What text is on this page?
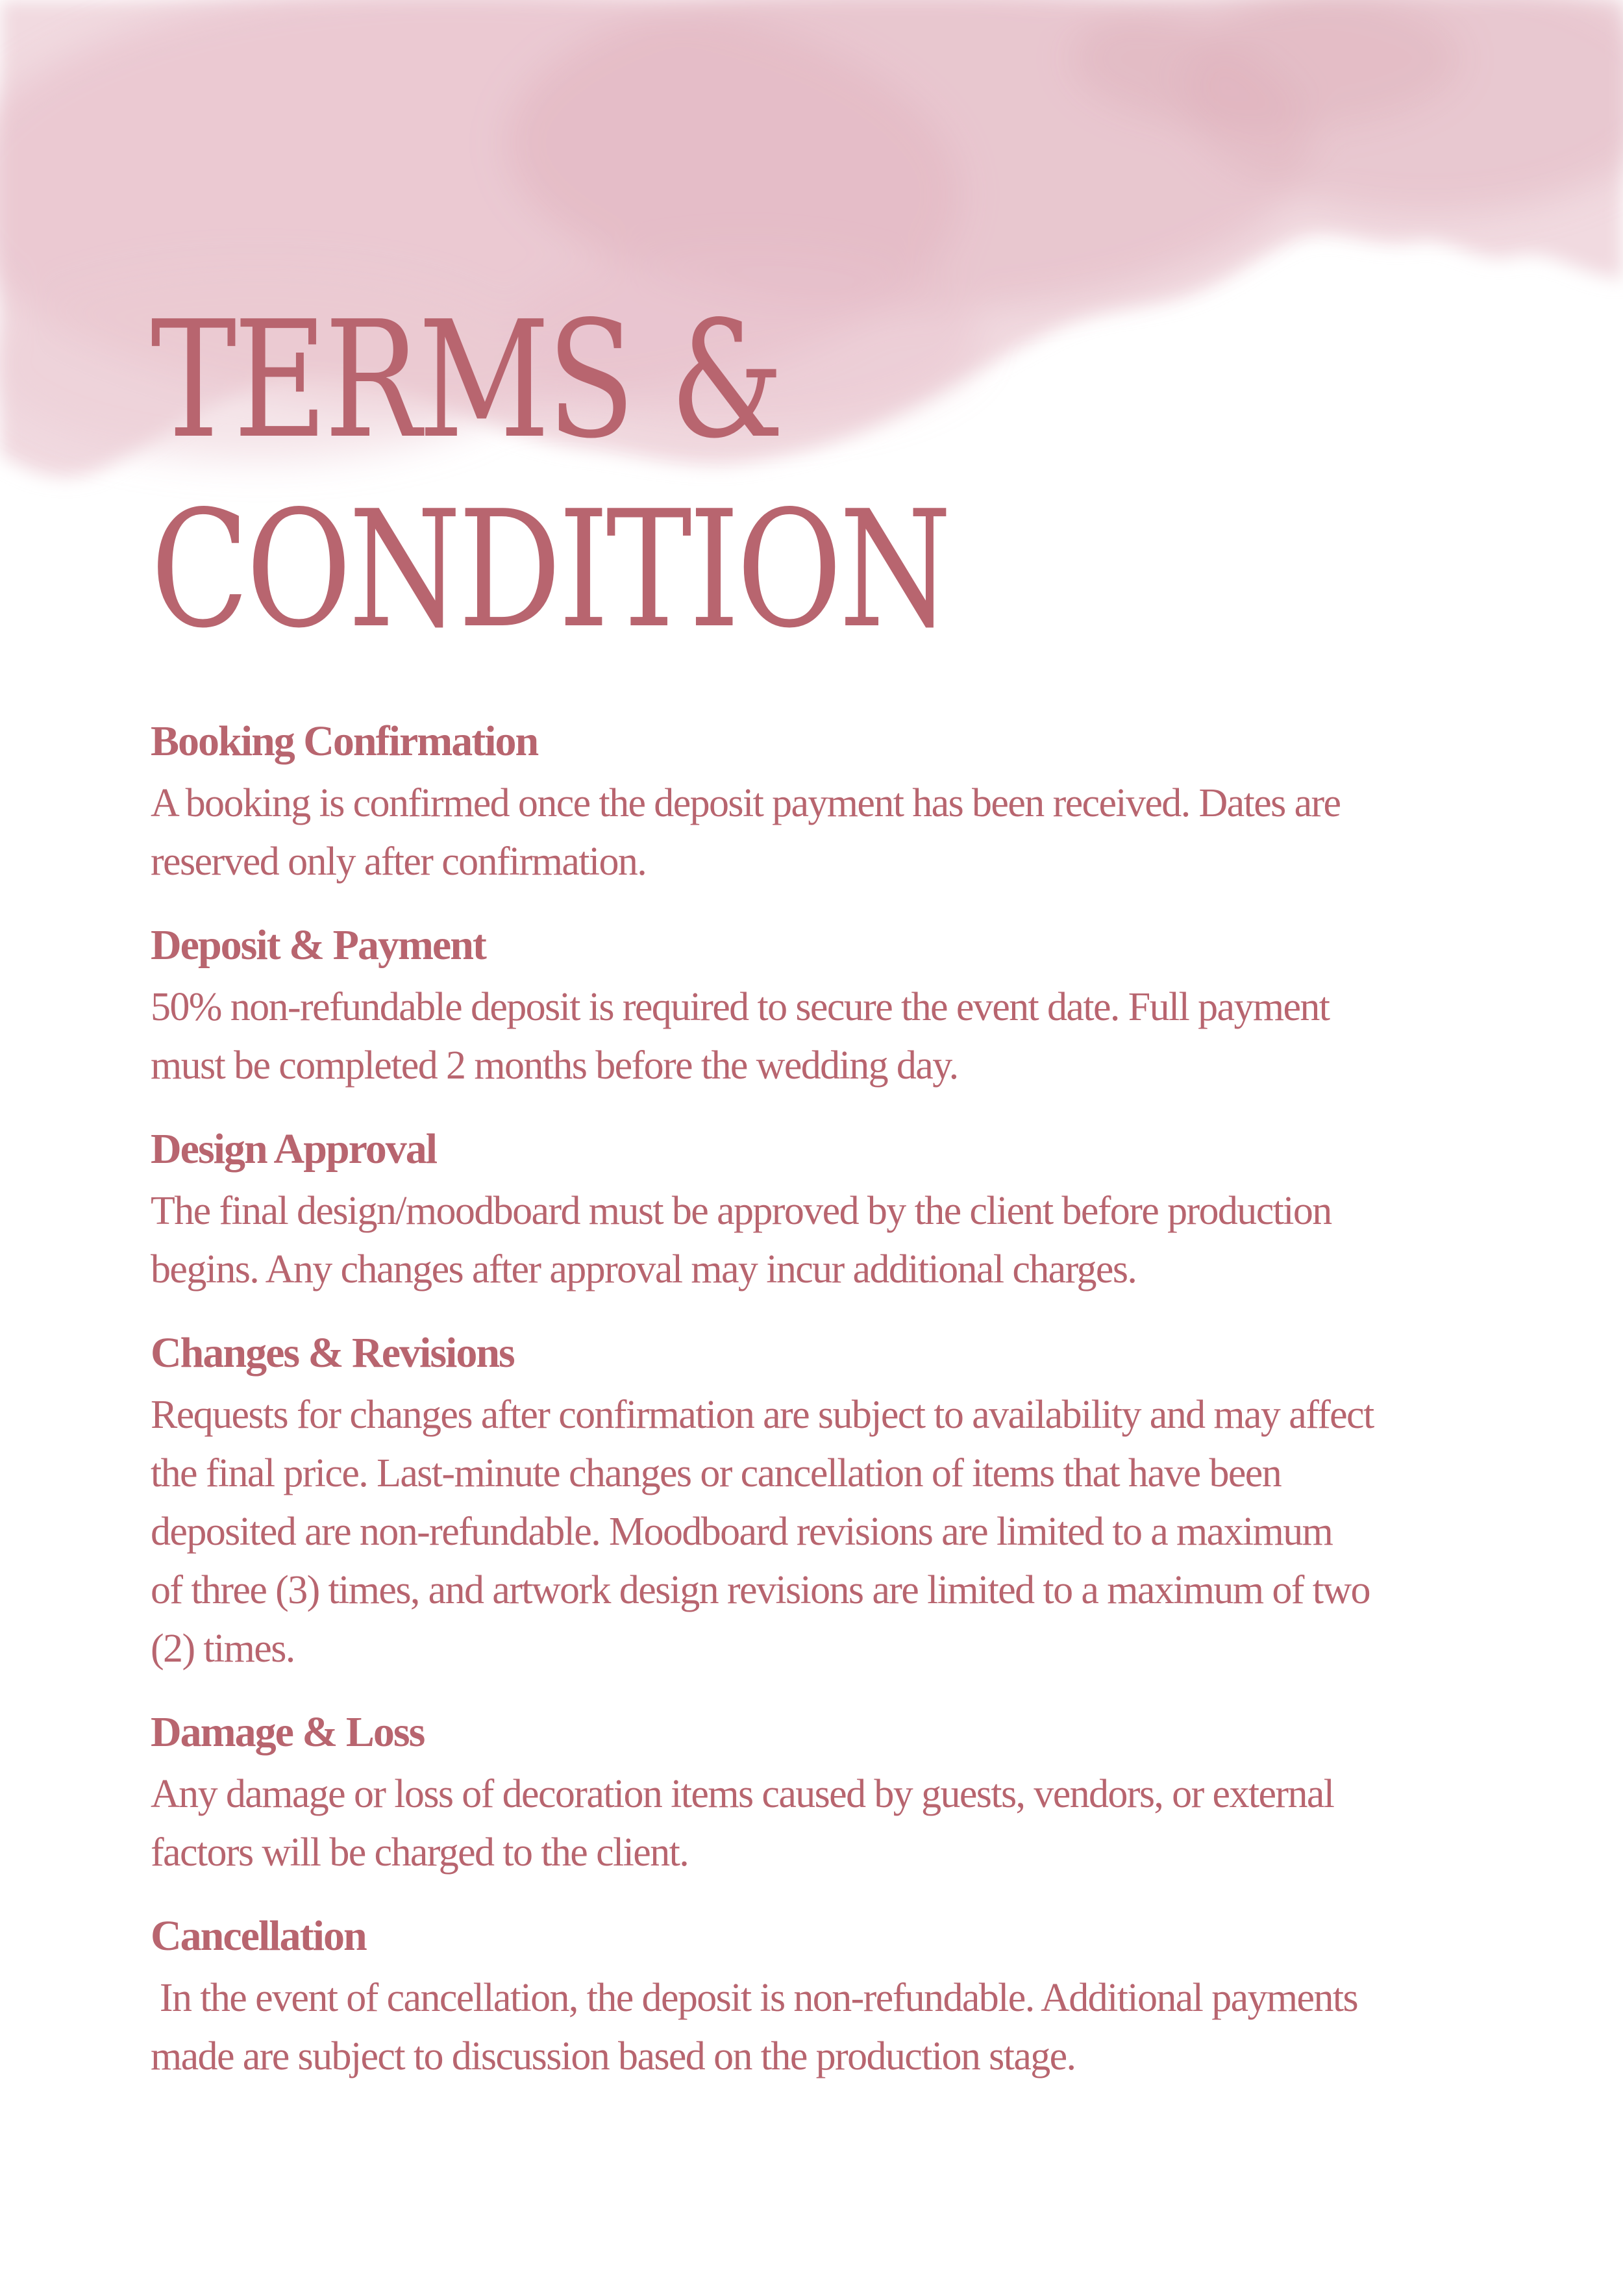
TERMS &
CONDITION
Booking Confirmation

A booking is confirmed once the deposit payment has been received. Dates are
reserved only after confirmation.

Deposit & Payment

50% non-refundable deposit is required to secure the event date. Full payment
must be completed 2 months before the wedding day.

Design Approval

The final design/moodboard must be approved by the client before production
begins. Any changes after approval may incur additional charges.

Changes & Revisions

Requests for changes after confirmation are subject to availability and may affect
the final price. Last-minute changes or cancellation of items that have been
deposited are non-refundable. Moodboard revisions are limited to a maximum
of three (3) times, and artwork design revisions are limited to a maximum of two
(2) times.

Damage & Loss

Any damage or loss of decoration items caused by guests, vendors, or external
factors will be charged to the client.

Cancellation

In the event of cancellation, the deposit is non-refundable. Additional payments
made are subject to discussion based on the production stage.
